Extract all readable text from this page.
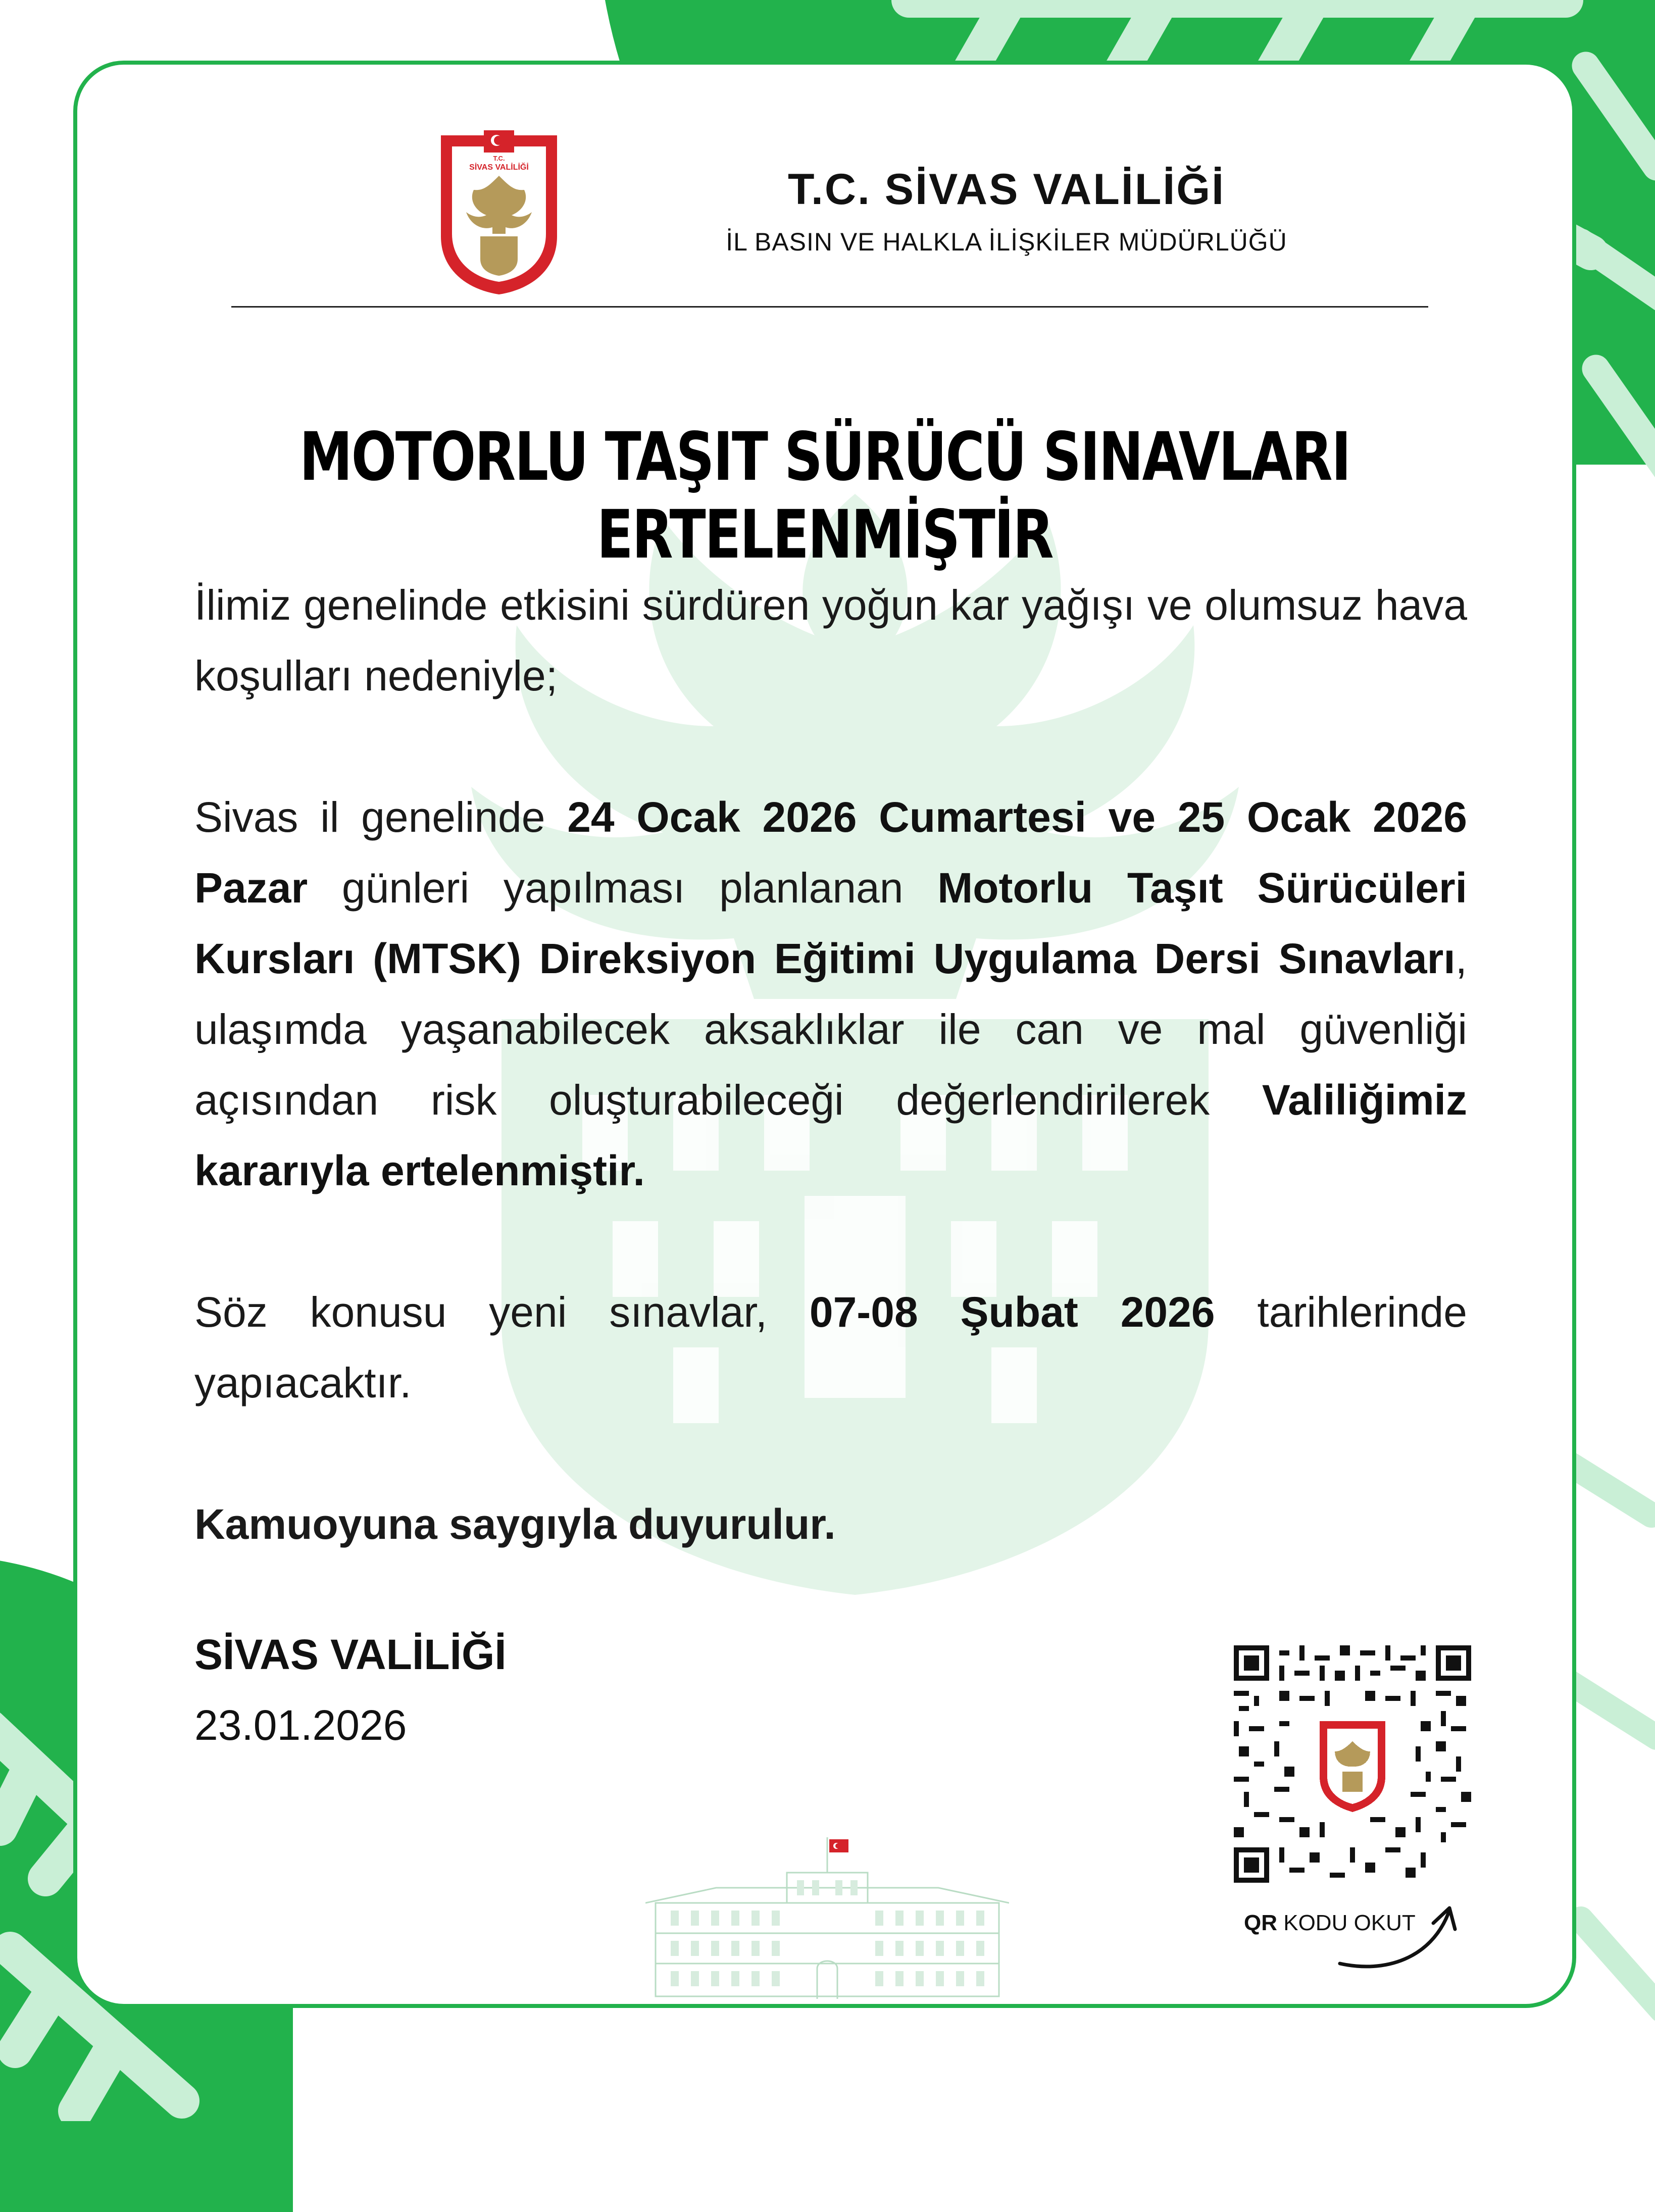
T.C.
SİVAS VALİLİĞİ	T.C. SİVAS VALİLİĞİ
İL BASIN VE HALKLA İLİŞKİLER MÜDÜRLÜĞÜ
MOTORLU TAŞIT SÜRÜCÜ SINAVLARI ERTELENMİŞTİR

İlimiz genelinde etkisini sürdüren yoğun kar yağışı ve olumsuz hava koşulları nedeniyle;

Sivas il genelinde 24 Ocak 2026 Cumartesi ve 25 Ocak 2026 Pazar günleri yapılması planlanan Motorlu Taşıt Sürücüleri Kursları (MTSK) Direksiyon Eğitimi Uygulama Dersi Sınavları, ulaşımda yaşanabilecek aksaklıklar ile can ve mal güvenliği açısından risk oluşturabileceği değerlendirilerek Valiliğimiz kararıyla ertelenmiştir.

Söz konusu yeni sınavlar, 07-08 Şubat 2026 tarihlerinde yapıacaktır.

Kamuoyuna saygıyla duyurulur.

SİVAS VALİLİĞİ
23.01.2026
QR KODU OKUT
